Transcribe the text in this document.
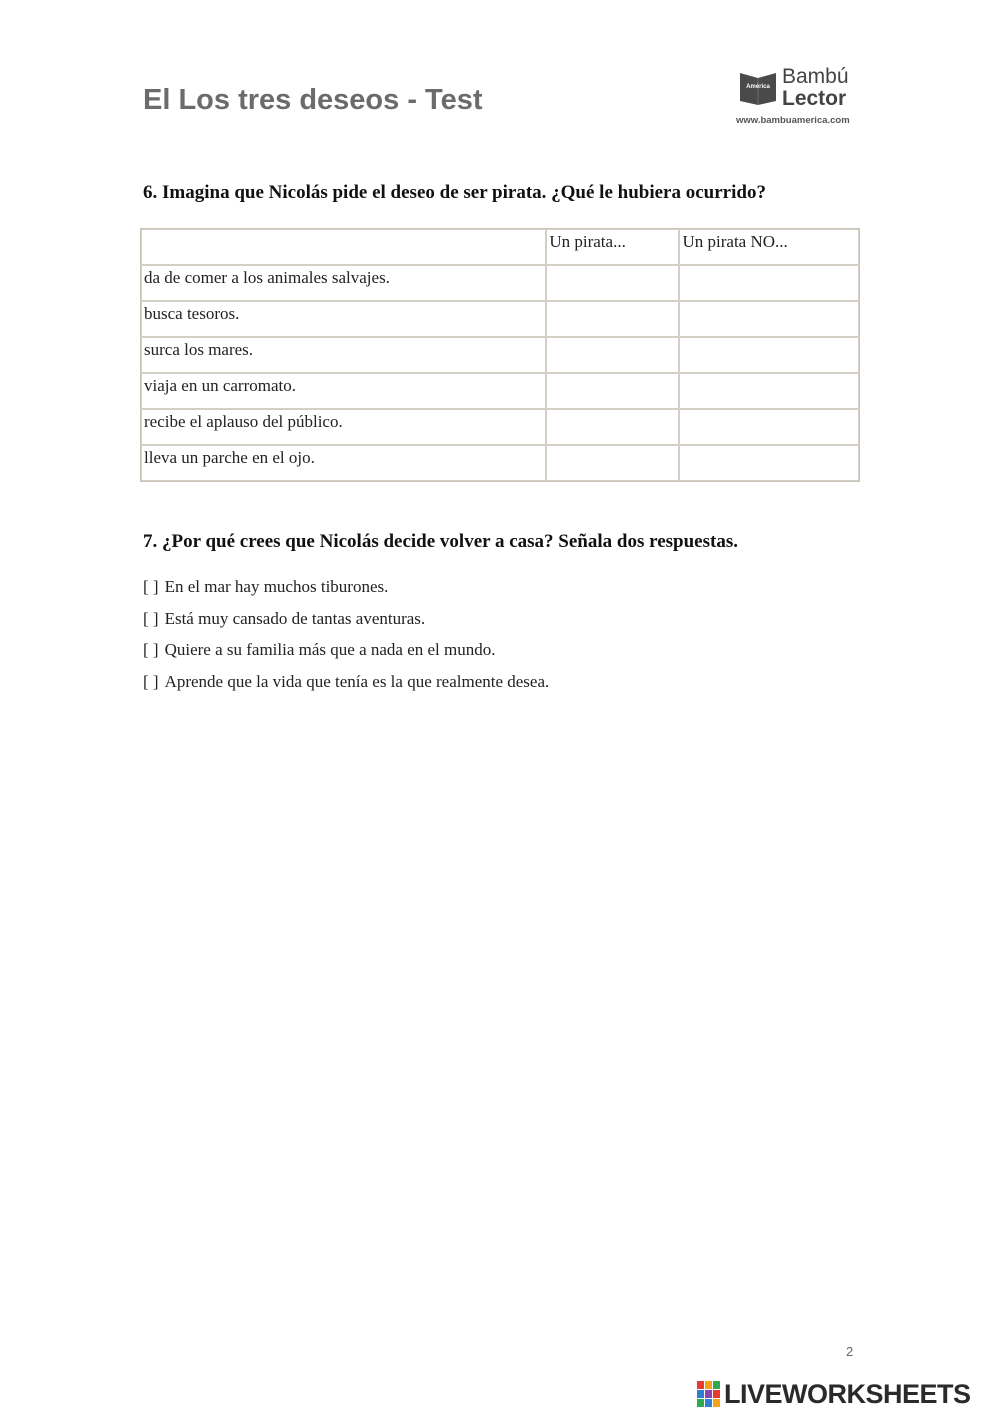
El Los tres deseos - Test	América Bambú
Lector
www.bambuamerica.com
6. Imagina que Nicolás pide el deseo de ser pirata. ¿Qué le hubiera ocurrido?
	Un pirata...	Un pirata NO...
da de comer a los animales salvajes.		
busca tesoros.		
surca los mares.		
viaja en un carromato.		
recibe el aplauso del público.		
lleva un parche en el ojo.		
7. ¿Por qué crees que Nicolás decide volver a casa? Señala dos respuestas.
[ ] En el mar hay muchos tiburones.
[ ] Está muy cansado de tantas aventuras.
[ ] Quiere a su familia más que a nada en el mundo.
[ ] Aprende que la vida que tenía es la que realmente desea.
2
LIVEWORKSHEETS
